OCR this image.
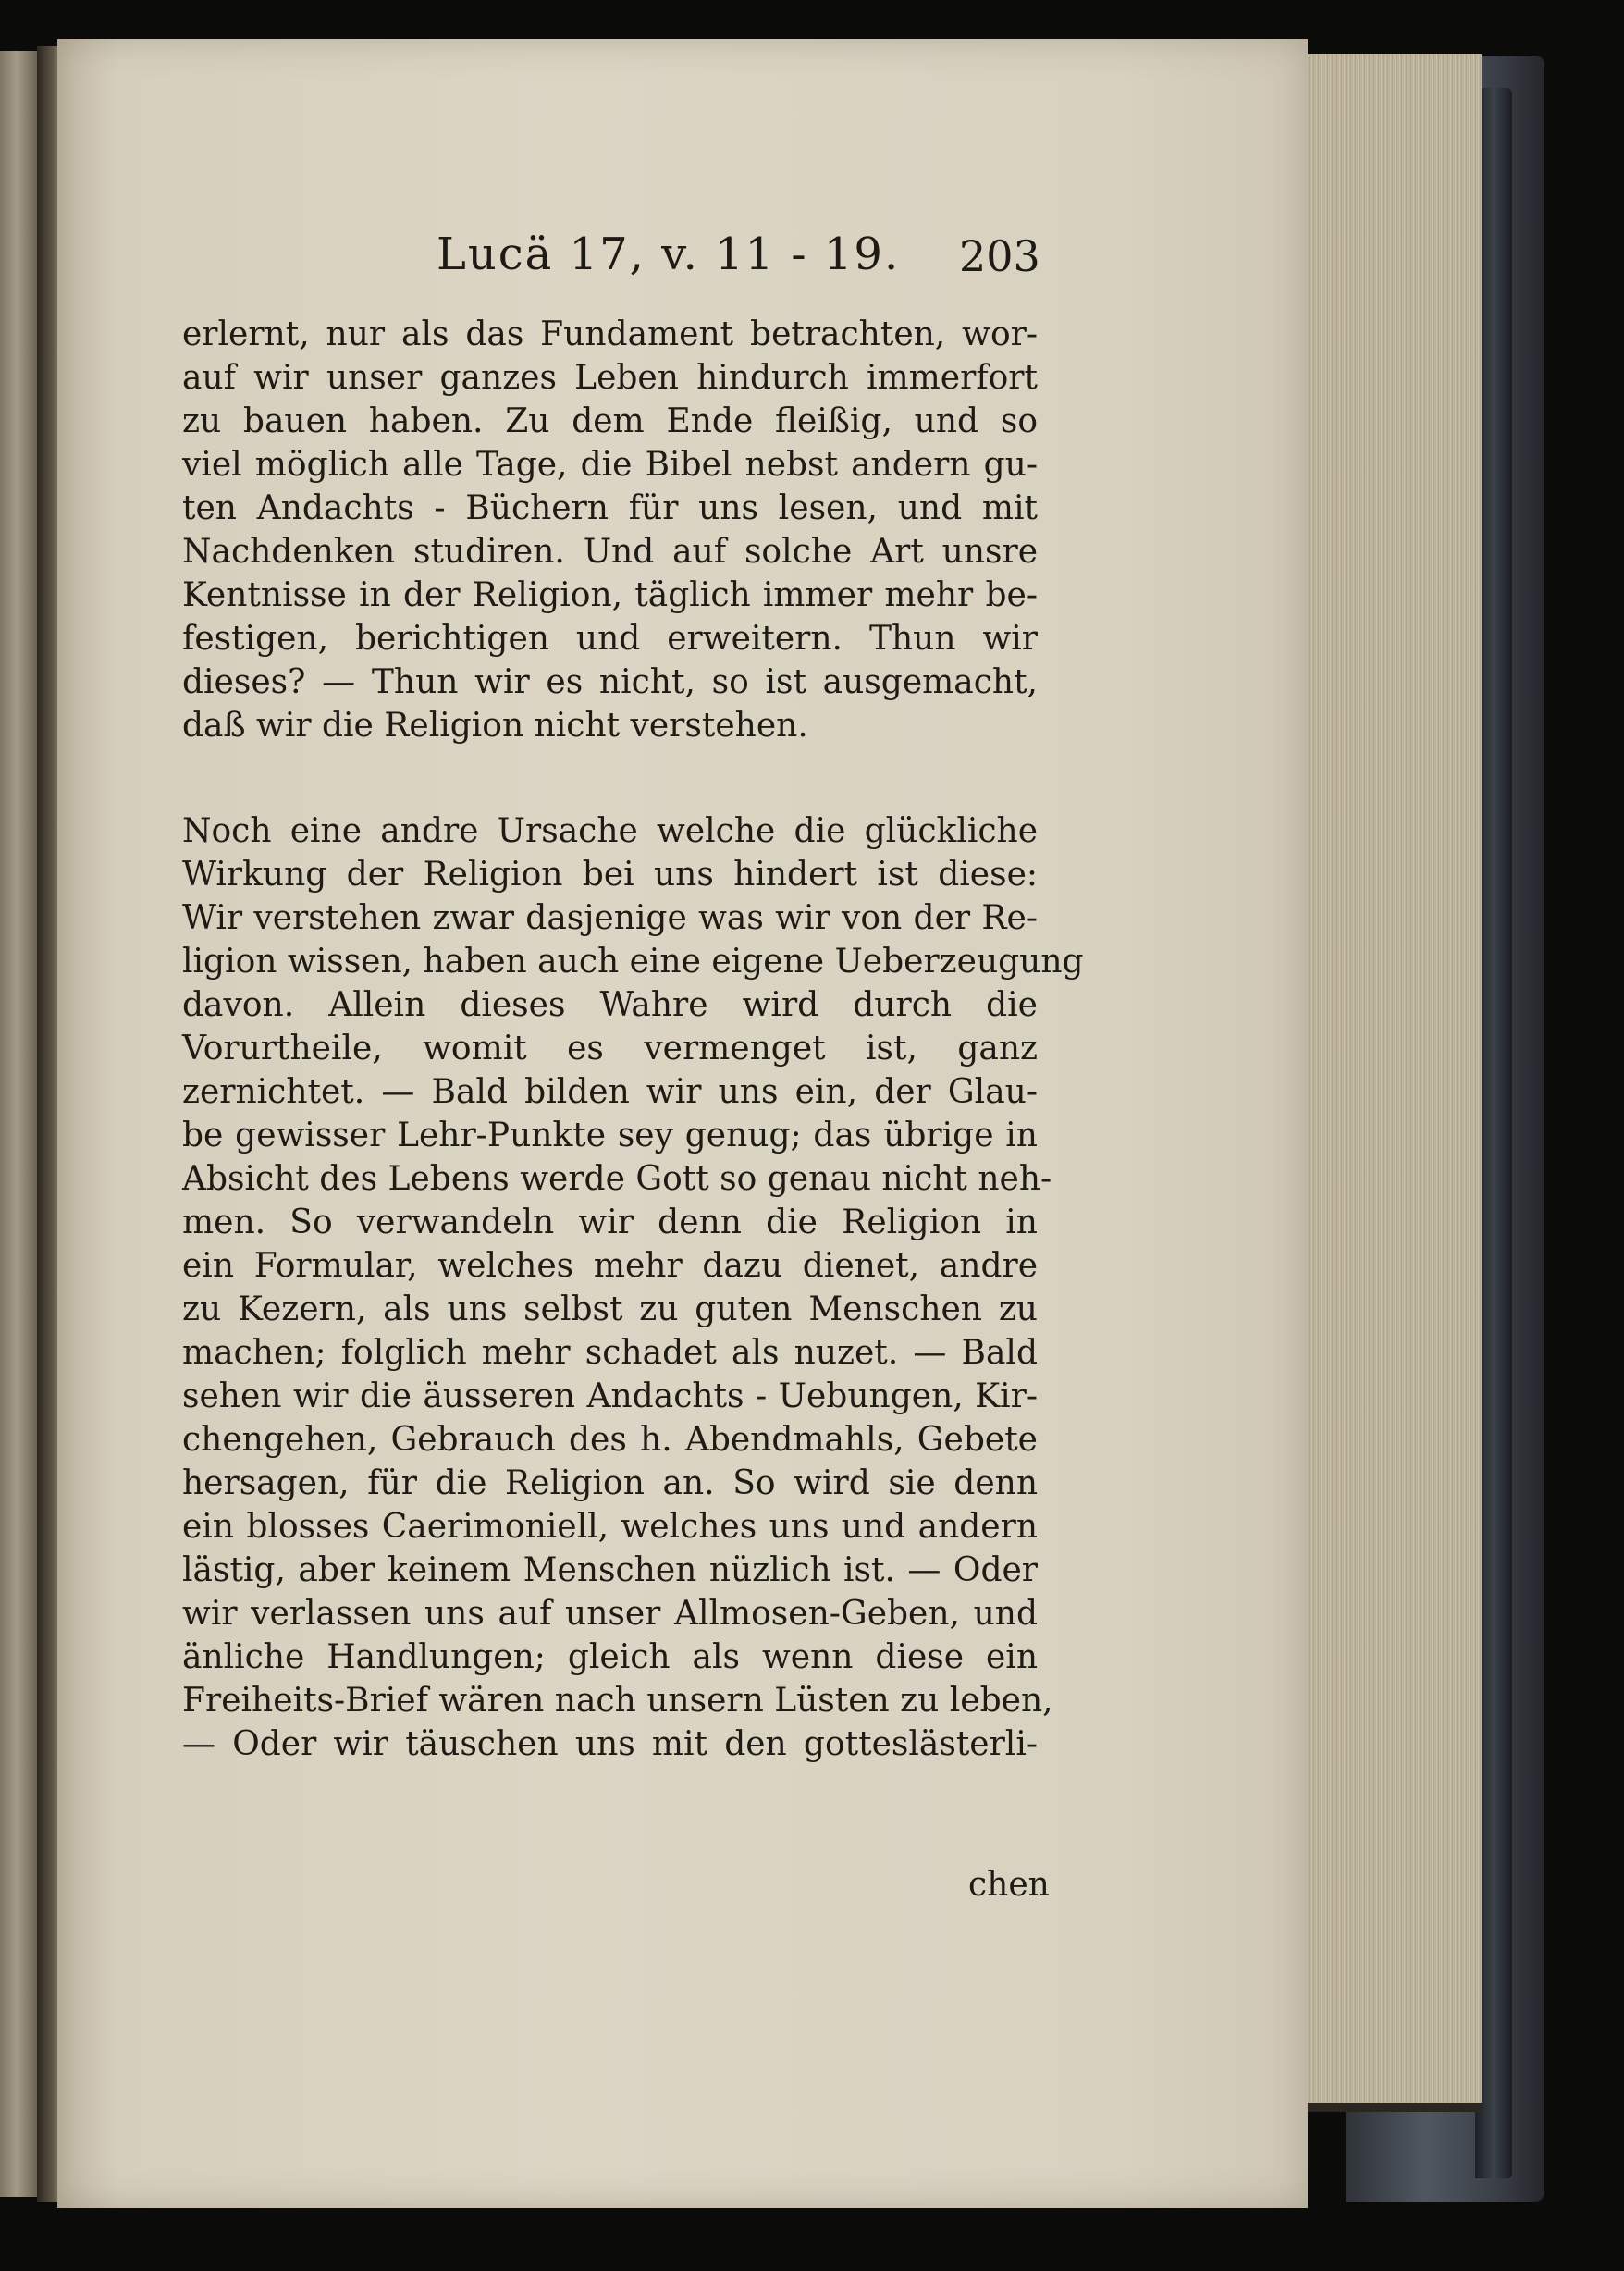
Lucä 17, v. 11 - 19. 203
erlernt, nur als das Fundament betrachten, wor-
auf wir unser ganzes Leben hindurch immerfort
zu bauen haben. Zu dem Ende fleißig, und so
viel möglich alle Tage, die Bibel nebst andern gu-
ten Andachts - Büchern für uns lesen, und mit
Nachdenken studiren. Und auf solche Art unsre
Kentnisse in der Religion, täglich immer mehr be-
festigen, berichtigen und erweitern. Thun wir
dieses? — Thun wir es nicht, so ist ausgemacht,
daß wir die Religion nicht verstehen.
Noch eine andre Ursache welche die glückliche
Wirkung der Religion bei uns hindert ist diese:
Wir verstehen zwar dasjenige was wir von der Re-
ligion wissen, haben auch eine eigene Ueberzeugung
davon. Allein dieses Wahre wird durch die
Vorurtheile, womit es vermenget ist, ganz
zernichtet. — Bald bilden wir uns ein, der Glau-
be gewisser Lehr-Punkte sey genug; das übrige in
Absicht des Lebens werde Gott so genau nicht neh-
men. So verwandeln wir denn die Religion in
ein Formular, welches mehr dazu dienet, andre
zu Kezern, als uns selbst zu guten Menschen zu
machen; folglich mehr schadet als nuzet. — Bald
sehen wir die äusseren Andachts - Uebungen, Kir-
chengehen, Gebrauch des h. Abendmahls, Gebete
hersagen, für die Religion an. So wird sie denn
ein blosses Caerimoniell, welches uns und andern
lästig, aber keinem Menschen nüzlich ist. — Oder
wir verlassen uns auf unser Allmosen-Geben, und
änliche Handlungen; gleich als wenn diese ein
Freiheits-Brief wären nach unsern Lüsten zu leben,
— Oder wir täuschen uns mit den gotteslästerli-
chen
